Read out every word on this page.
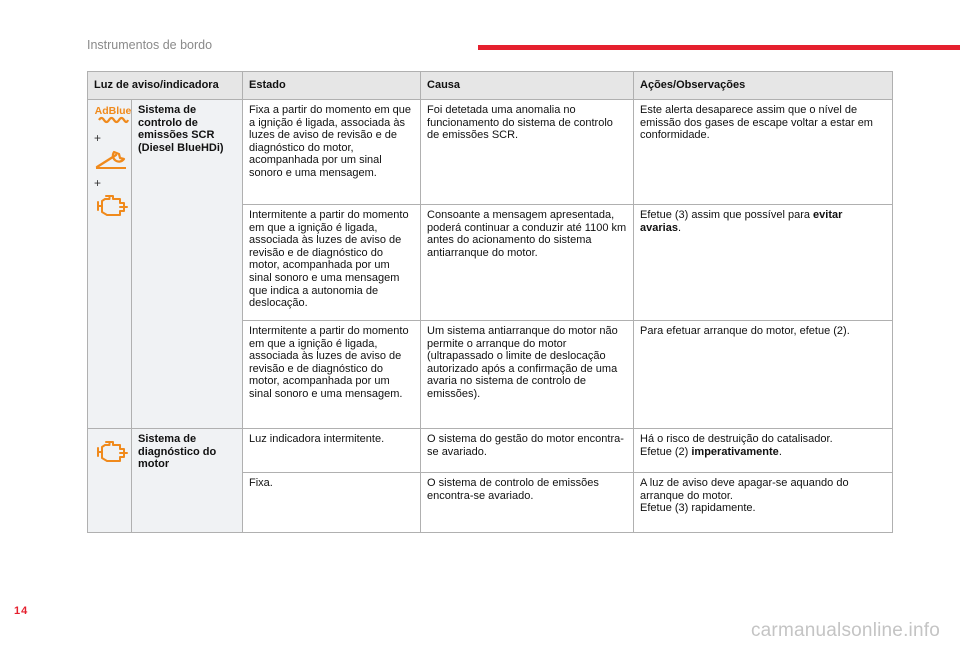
Instrumentos de bordo
Luz de aviso/indicadora		Estado	Causa	Ações/Observações

AdBlue
+
+	Sistema de controlo de emissões SCR (Diesel BlueHDi)	Fixa a partir do momento em que a ignição é ligada, associada às luzes de aviso de revisão e de diagnóstico do motor, acompanhada por um sinal sonoro e uma mensagem.	Foi detetada uma anomalia no funcionamento do sistema de controlo de emissões SCR.	Este alerta desaparece assim que o nível de emissão dos gases de escape voltar a estar em conformidade.
		Intermitente a partir do momento em que a ignição é ligada, associada às luzes de aviso de revisão e de diagnóstico do motor, acompanhada por um sinal sonoro e uma mensagem que indica a autonomia de deslocação.	Consoante a mensagem apresentada, poderá continuar a conduzir até 1100 km antes do acionamento do sistema antiarranque do motor.	Efetue (3) assim que possível para evitar avarias.
		Intermitente a partir do momento em que a ignição é ligada, associada às luzes de aviso de revisão e de diagnóstico do motor, acompanhada por um sinal sonoro e uma mensagem.	Um sistema antiarranque do motor não permite o arranque do motor (ultrapassado o limite de deslocação autorizado após a confirmação de uma avaria no sistema de controlo de emissões).	Para efetuar arranque do motor, efetue (2).

	Sistema de diagnóstico do motor	Luz indicadora intermitente.	O sistema do gestão do motor encontra-se avariado.	Há o risco de destruição do catalisador.
Efetue (2) imperativamente.
		Fixa.	O sistema de controlo de emissões encontra-se avariado.	A luz de aviso deve apagar-se aquando do arranque do motor.
Efetue (3) rapidamente.
14
carmanualsonline.info
